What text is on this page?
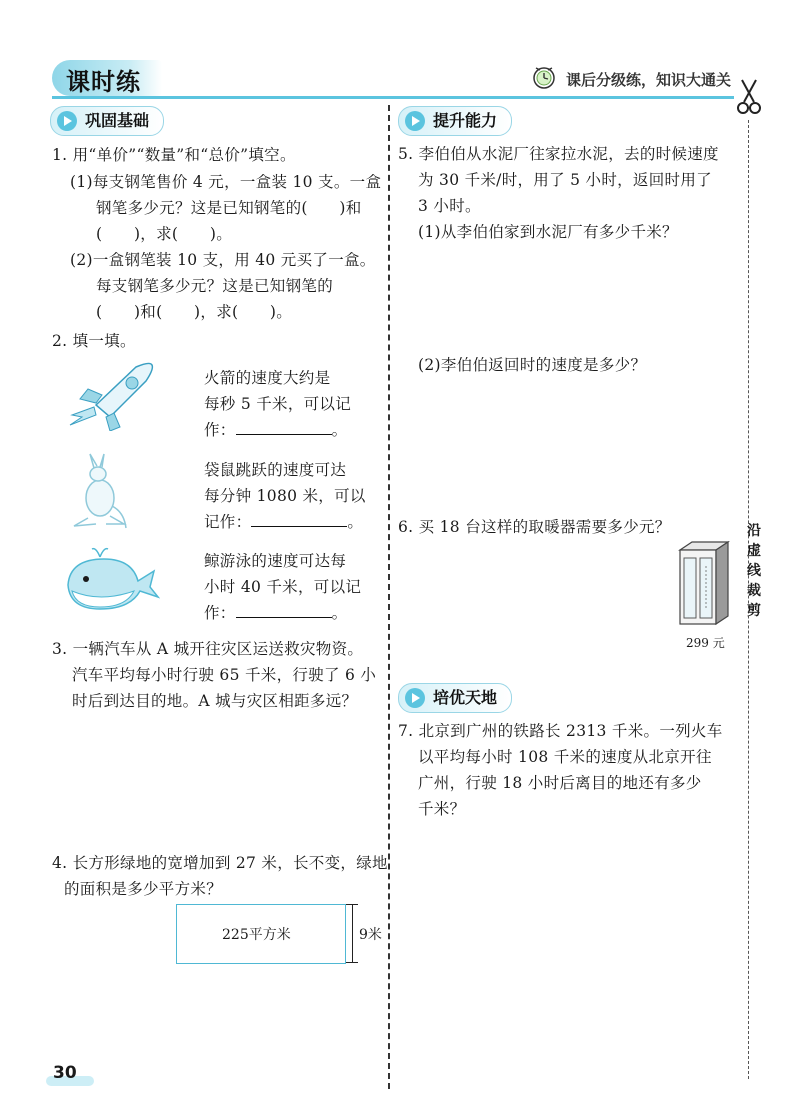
课时练	课后分级练，知识大通关
沿
虚
线
裁
剪
巩固基础
1. 用“单价”“数量”和“总价”填空。
(1)每支钢笔售价 4 元，一盒装 10 支。一盒
钢笔多少元？这是已知钢笔的(　　)和
(　　)，求(　　)。
(2)一盒钢笔装 10 支，用 40 元买了一盒。
每支钢笔多少元？这是已知钢笔的
(　　)和(　　)，求(　　)。
2. 填一填。
火箭的速度大约是
每秒 5 千米，可以记
作：	。
袋鼠跳跃的速度可达
每分钟 1080 米，可以
记作：	。
鲸游泳的速度可达每
小时 40 千米，可以记
作：	。
3. 一辆汽车从 A 城开往灾区运送救灾物资。
汽车平均每小时行驶 65 千米，行驶了 6 小
时后到达目的地。A 城与灾区相距多远？
4. 长方形绿地的宽增加到 27 米，长不变，绿地
的面积是多少平方米？
225平方米	9米
提升能力
5. 李伯伯从水泥厂往家拉水泥，去的时候速度
为 30 千米/时，用了 5 小时，返回时用了
3 小时。
(1)从李伯伯家到水泥厂有多少千米？
(2)李伯伯返回时的速度是多少？
6. 买 18 台这样的取暖器需要多少元？
299 元
培优天地
7. 北京到广州的铁路长 2313 千米。一列火车
以平均每小时 108 千米的速度从北京开往
广州，行驶 18 小时后离目的地还有多少
千米？
30
